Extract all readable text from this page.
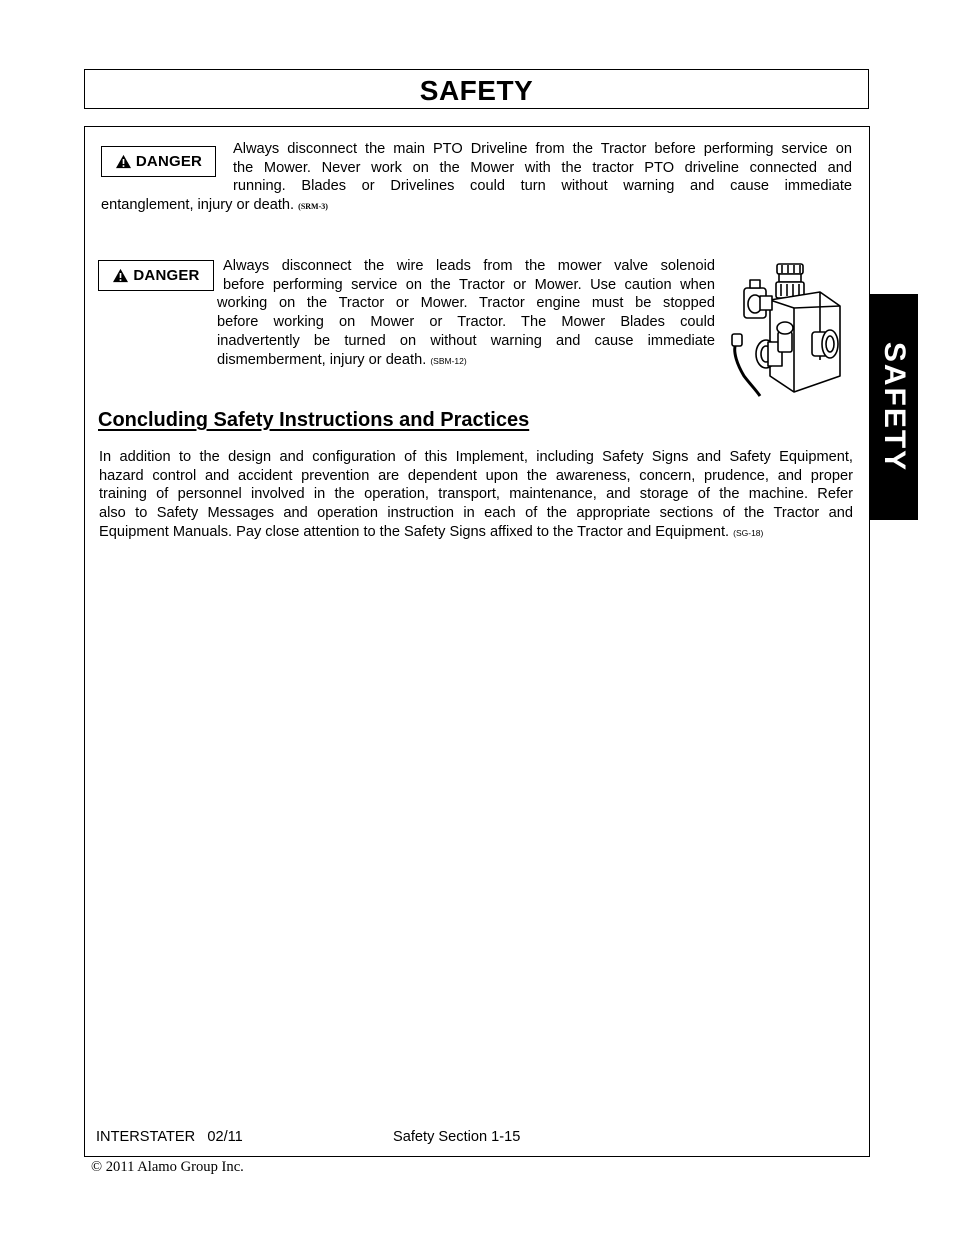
SAFETY
SAFETY
DANGER
Always disconnect the main PTO Driveline from the Tractor before performing service on
the Mower. Never work on the Mower with the tractor PTO driveline connected and
running. Blades or Drivelines could turn without warning and cause immediate
entanglement, injury or death. (SRM-3)
DANGER
Always disconnect the wire leads from the mower valve solenoid
before performing service on the Tractor or Mower. Use caution when
working on the Tractor or Mower. Tractor engine must be stopped
before working on Mower or Tractor. The Mower Blades could
inadvertently be turned on without warning and cause immediate
dismemberment, injury or death. (SBM-12)
Concluding Safety Instructions and Practices
In addition to the design and configuration of this Implement, including Safety Signs and Safety Equipment,
hazard control and accident prevention are dependent upon the awareness, concern, prudence, and proper
training of personnel involved in the operation, transport, maintenance, and storage of the machine. Refer
also to Safety Messages and operation instruction in each of the appropriate sections of the Tractor and
Equipment Manuals. Pay close attention to the Safety Signs affixed to the Tractor and Equipment. (SG-18)
INTERSTATER   02/11	Safety Section 1-15
© 2011 Alamo Group Inc.
